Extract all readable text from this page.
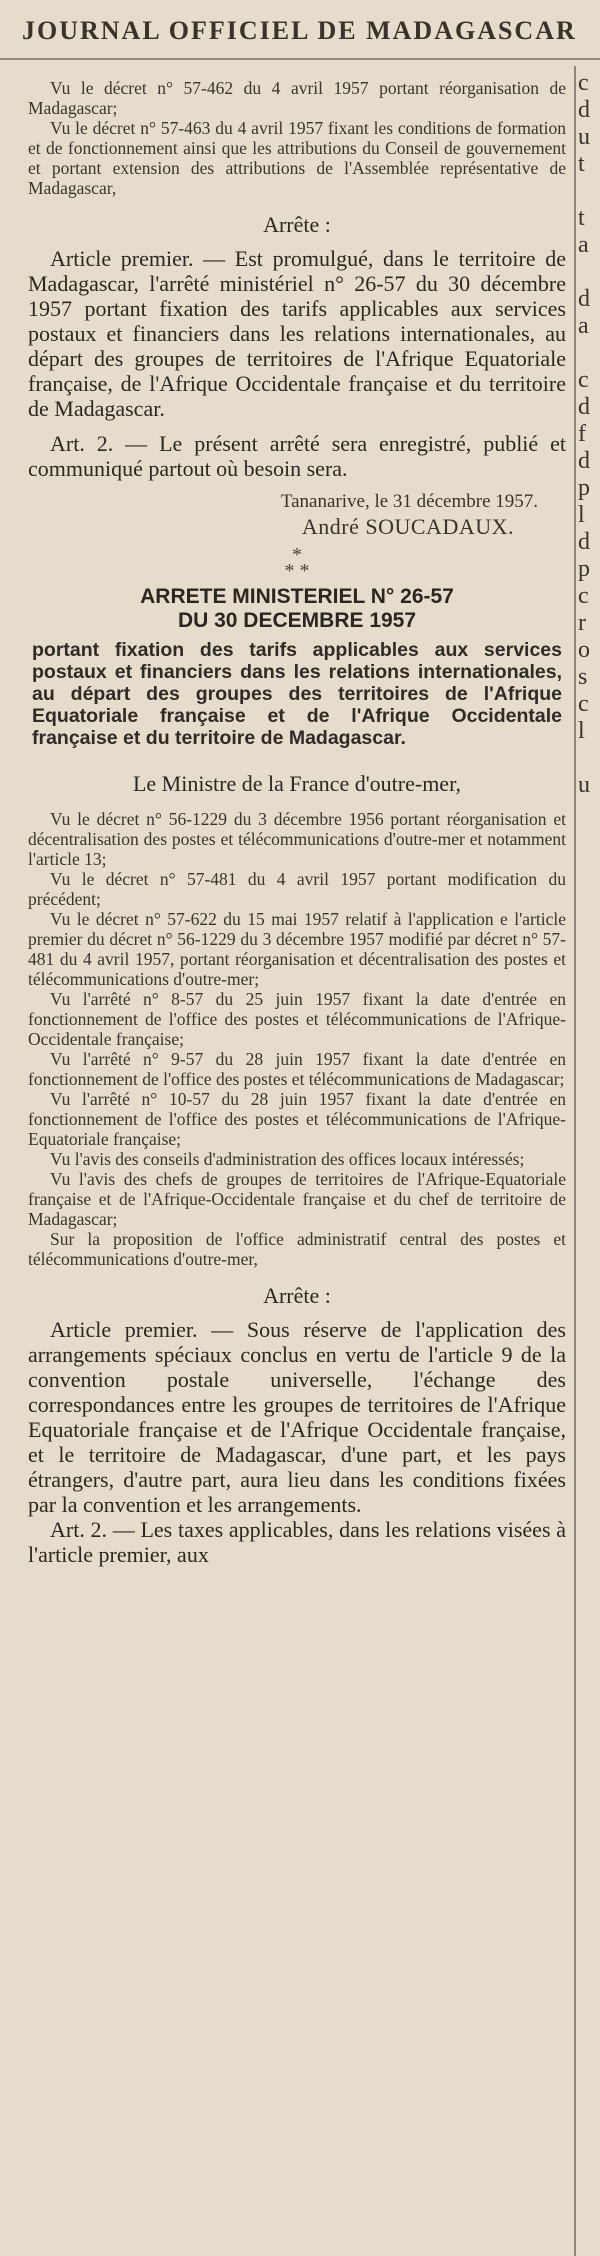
JOURNAL OFFICIEL DE MADAGASCAR
c
d
u
t

t
a

d
a

c
d
f
d
p
l
d
p
c
r
o
s
c
l

u

Vu le décret n° 57-462 du 4 avril 1957 portant réorganisation de Madagascar;

Vu le décret n° 57-463 du 4 avril 1957 fixant les conditions de formation et de fonctionnement ainsi que les attributions du Conseil de gouvernement et portant extension des attributions de l'Assemblée représentative de Madagascar,

Arrête :

Article premier. — Est promulgué, dans le territoire de Madagascar, l'arrêté ministériel n° 26-57 du 30 décembre 1957 portant fixation des tarifs applicables aux services postaux et financiers dans les relations internationales, au départ des groupes de territoires de l'Afrique Equatoriale française, de l'Afrique Occidentale française et du territoire de Madagascar.

Art. 2. — Le présent arrêté sera enregistré, publié et communiqué partout où besoin sera.

Tananarive, le 31 décembre 1957.
André SOUCADAUX.
*
* *
ARRETE MINISTERIEL N° 26-57
DU 30 DECEMBRE 1957
portant fixation des tarifs applicables aux services postaux et financiers dans les relations internationales, au départ des groupes des territoires de l'Afrique Equatoriale française et de l'Afrique Occidentale française et du territoire de Madagascar.
Le Ministre de la France d'outre-mer,

Vu le décret n° 56-1229 du 3 décembre 1956 portant réorganisation et décentralisation des postes et télécommunications d'outre-mer et notamment l'article 13;

Vu le décret n° 57-481 du 4 avril 1957 portant modification du précédent;

Vu le décret n° 57-622 du 15 mai 1957 relatif à l'application e l'article premier du décret n° 56-1229 du 3 décembre 1957 modifié par décret n° 57-481 du 4 avril 1957, portant réorganisation et décentralisation des postes et télécommunications d'outre-mer;

Vu l'arrêté n° 8-57 du 25 juin 1957 fixant la date d'entrée en fonctionnement de l'office des postes et télécommunications de l'Afrique-Occidentale française;

Vu l'arrêté n° 9-57 du 28 juin 1957 fixant la date d'entrée en fonctionnement de l'office des postes et télécommunications de Madagascar;

Vu l'arrêté n° 10-57 du 28 juin 1957 fixant la date d'entrée en fonctionnement de l'office des postes et télécommunications de l'Afrique-Equatoriale française;

Vu l'avis des conseils d'administration des offices locaux intéressés;

Vu l'avis des chefs de groupes de territoires de l'Afrique-Equatoriale française et de l'Afrique-Occidentale française et du chef de territoire de Madagascar;

Sur la proposition de l'office administratif central des postes et télécommunications d'outre-mer,

Arrête :

Article premier. — Sous réserve de l'application des arrangements spéciaux conclus en vertu de l'article 9 de la convention postale universelle, l'échange des correspondances entre les groupes de territoires de l'Afrique Equatoriale française et de l'Afrique Occidentale française, et le territoire de Madagascar, d'une part, et les pays étrangers, d'autre part, aura lieu dans les conditions fixées par la convention et les arrangements.

Art. 2. — Les taxes applicables, dans les relations visées à l'article premier, aux
